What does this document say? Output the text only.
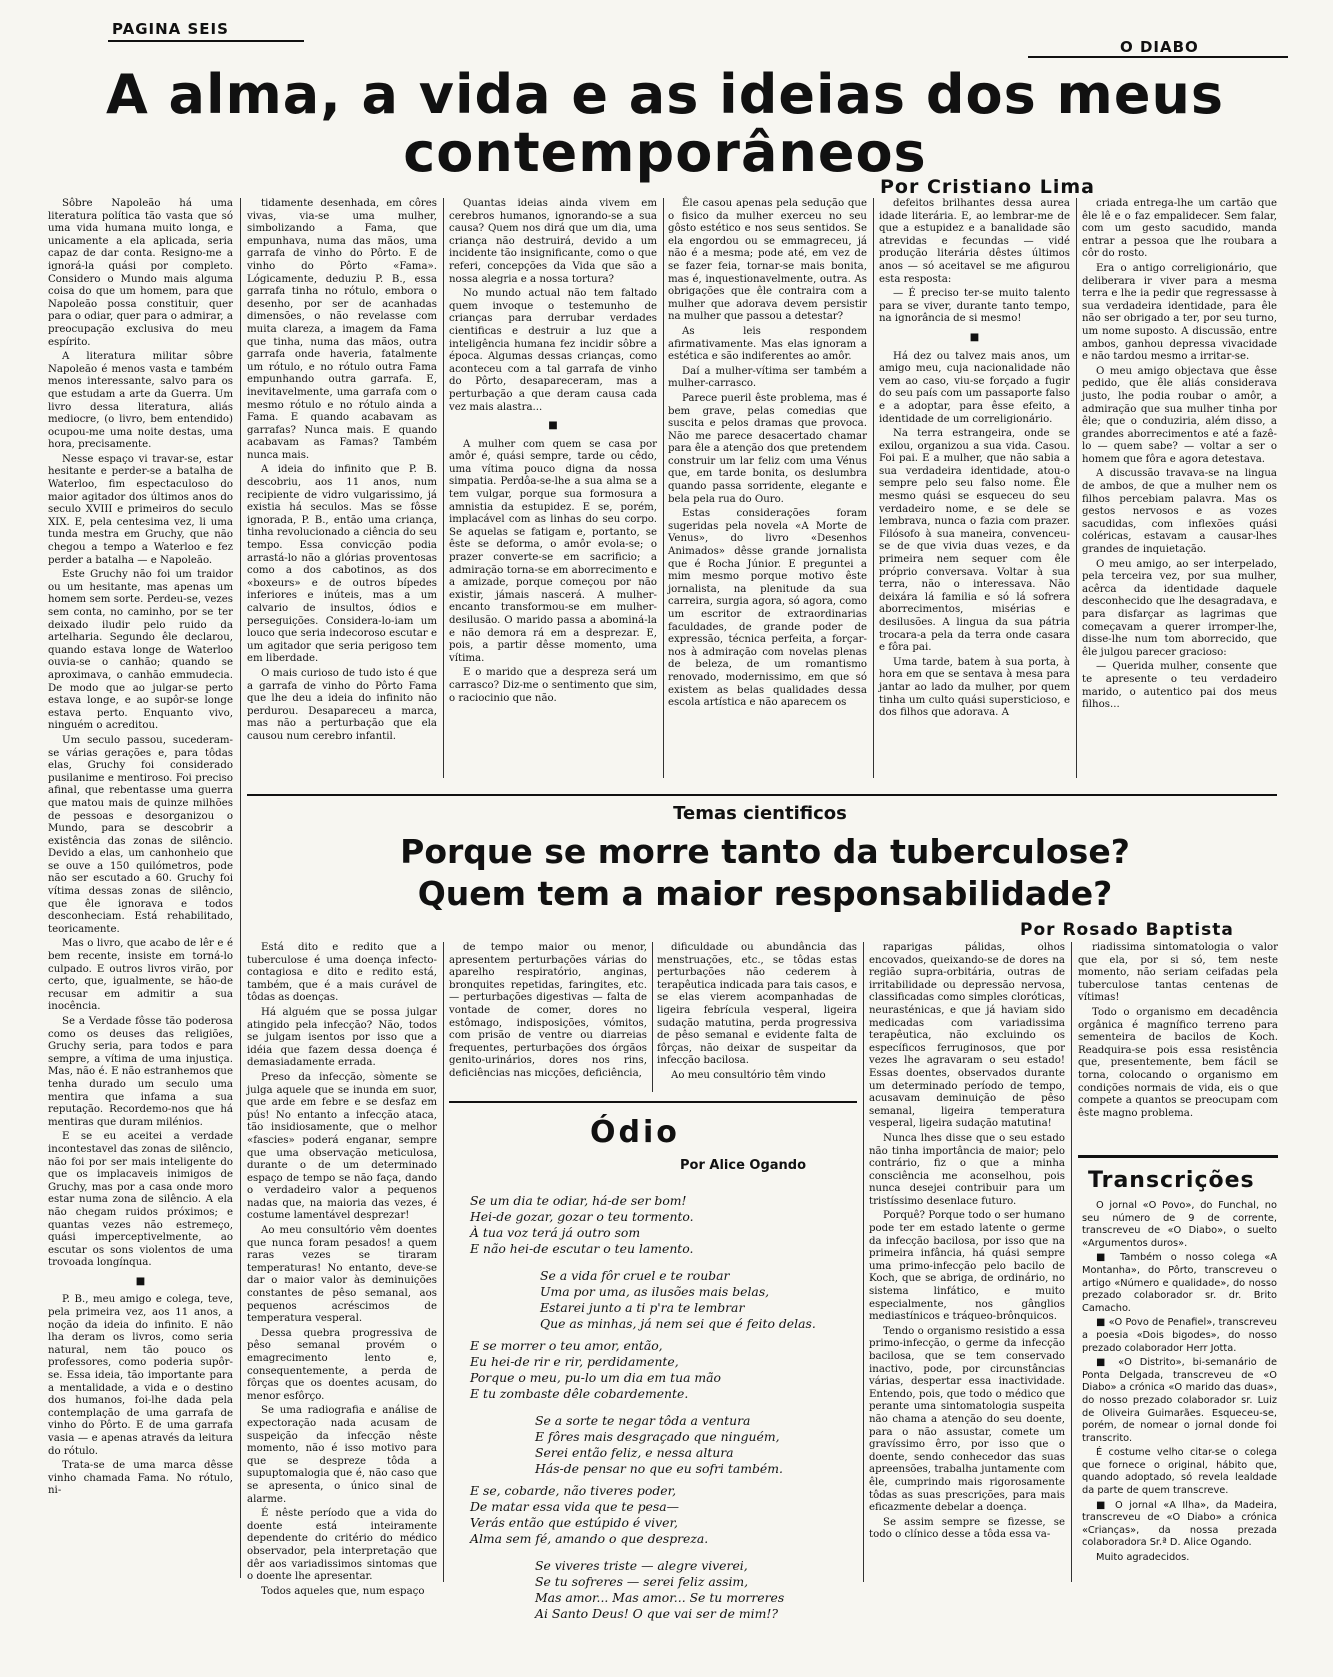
PAGINA SEIS
O DIABO
A alma, a vida e as ideias dos meus
contemporâneos
Por Cristiano Lima

Sôbre Napoleão há uma literatura política tão vasta que só uma vida humana muito longa, e unicamente a ela aplicada, seria capaz de dar conta. Resigno-me a ignorá-la quási por completo. Considero o Mundo mais alguma coisa do que um homem, para que Napoleão possa constituir, quer para o odiar, quer para o admirar, a preocupação exclusiva do meu espírito.

A literatura militar sôbre Napoleão é menos vasta e também menos interessante, salvo para os que estudam a arte da Guerra. Um livro dessa literatura, aliás mediocre, (o livro, bem entendido) ocupou-me uma noite destas, uma hora, precisamente.

Nesse espaço vi travar-se, estar hesitante e perder-se a batalha de Waterloo, fim espectaculoso do maior agitador dos últimos anos do seculo XVIII e primeiros do seculo XIX. E, pela centesima vez, li uma tunda mestra em Gruchy, que não chegou a tempo a Waterloo e fez perder a batalha — e Napoleão.

Este Gruchy não foi um traidor ou um hesitante, mas apenas um homem sem sorte. Perdeu-se, vezes sem conta, no caminho, por se ter deixado iludir pelo ruido da artelharia. Segundo êle declarou, quando estava longe de Waterloo ouvia-se o canhão; quando se aproximava, o canhão emmudecia. De modo que ao julgar-se perto estava longe, e ao supôr-se longe estava perto. Enquanto vivo, ninguém o acreditou.

Um seculo passou, sucederam-se várias gerações e, para tôdas elas, Gruchy foi considerado pusilanime e mentiroso. Foi preciso afinal, que rebentasse uma guerra que matou mais de quinze milhões de pessoas e desorganizou o Mundo, para se descobrir a existência das zonas de silêncio. Devido a elas, um canhonheio que se ouve a 150 quilómetros, pode não ser escutado a 60. Gruchy foi vítima dessas zonas de silêncio, que êle ignorava e todos desconheciam. Está rehabilitado, teoricamente.

Mas o livro, que acabo de lêr e é bem recente, insiste em torná-lo culpado. E outros livros virão, por certo, que, igualmente, se hão-de recusar em admitir a sua inocência.

Se a Verdade fôsse tão poderosa como os deuses das religiões, Gruchy seria, para todos e para sempre, a vítima de uma injustiça. Mas, não é. E não estranhemos que tenha durado um seculo uma mentira que infama a sua reputação. Recordemo-nos que há mentiras que duram milénios.

E se eu aceitei a verdade incontestavel das zonas de silêncio, não foi por ser mais inteligente do que os implacaveis inimigos de Gruchy, mas por a casa onde moro estar numa zona de silêncio. A ela não chegam ruidos próximos; e quantas vezes não estremeço, quási imperceptivelmente, ao escutar os sons violentos de uma trovoada longínqua.

■

P. B., meu amigo e colega, teve, pela primeira vez, aos 11 anos, a noção da ideia do infinito. E não lha deram os livros, como seria natural, nem tão pouco os professores, como poderia supôr-se. Essa ideia, tão importante para a mentalidade, a vida e o destino dos humanos, foi-lhe dada pela contemplação de uma garrafa de vinho do Pôrto. E de uma garrafa vasia — e apenas através da leitura do rótulo.

Trata-se de uma marca dêsse vinho chamada Fama. No rótulo, ni-

tidamente desenhada, em côres vivas, via-se uma mulher, simbolizando a Fama, que empunhava, numa das mãos, uma garrafa de vinho do Pôrto. E de vinho do Pôrto «Fama». Lógicamente, deduziu P. B., essa garrafa tinha no rótulo, embora o desenho, por ser de acanhadas dimensões, o não revelasse com muita clareza, a imagem da Fama que tinha, numa das mãos, outra garrafa onde haveria, fatalmente um rótulo, e no rótulo outra Fama empunhando outra garrafa. E, inevitavelmente, uma garrafa com o mesmo rótulo e no rótulo ainda a Fama. E quando acabavam as garrafas? Nunca mais. E quando acabavam as Famas? Também nunca mais.

A ideia do infinito que P. B. descobriu, aos 11 anos, num recipiente de vidro vulgarissimo, já existia há seculos. Mas se fôsse ignorada, P. B., então uma criança, tinha revolucionado a ciência do seu tempo. Essa convicção podia arrastá-lo não a glórias proventosas como a dos cabotinos, as dos «boxeurs» e de outros bípedes inferiores e inúteis, mas a um calvario de insultos, ódios e perseguições. Considera-lo-iam um louco que seria indecoroso escutar e um agitador que seria perigoso tem em liberdade.

O mais curioso de tudo isto é que a garrafa de vinho do Pôrto Fama que lhe deu a ideia do infinito não perdurou. Desapareceu a marca, mas não a perturbação que ela causou num cerebro infantil.

Quantas ideias ainda vivem em cerebros humanos, ignorando-se a sua causa? Quem nos dirá que um dia, uma criança não destruirá, devido a um incidente tão insignificante, como o que referi, concepções da Vida que são a nossa alegria e a nossa tortura?

No mundo actual não tem faltado quem invoque o testemunho de crianças para derrubar verdades cientificas e destruir a luz que a inteligência humana fez incidir sôbre a época. Algumas dessas crianças, como aconteceu com a tal garrafa de vinho do Pôrto, desapareceram, mas a perturbação a que deram causa cada vez mais alastra...

■

A mulher com quem se casa por amôr é, quási sempre, tarde ou cêdo, uma vítima pouco digna da nossa simpatia. Perdôa-se-lhe a sua alma se a tem vulgar, porque sua formosura a amnistia da estupidez. E se, porém, implacável com as linhas do seu corpo. Se aquelas se fatigam e, portanto, se êste se deforma, o amôr evola-se; o prazer converte-se em sacrificio; a admiração torna-se em aborrecimento e a amizade, porque começou por não existir, jámais nascerá. A mulher-encanto transformou-se em mulher-desilusão. O marido passa a abominá-la e não demora rá em a desprezar. E, pois, a partir dêsse momento, uma vítima.

E o marido que a despreza será um carrasco? Diz-me o sentimento que sim, o raciocinio que não.

Êle casou apenas pela sedução que o fisico da mulher exerceu no seu gôsto estético e nos seus sentidos. Se ela engordou ou se emmagreceu, já não é a mesma; pode até, em vez de se fazer feia, tornar-se mais bonita, mas é, inquestionavelmente, outra. As obrigações que êle contraira com a mulher que adorava devem persistir na mulher que passou a detestar?

As leis respondem afirmativamente. Mas elas ignoram a estética e são indiferentes ao amôr.

Daí a mulher-vítima ser também a mulher-carrasco.

Parece pueril êste problema, mas é bem grave, pelas comedias que suscita e pelos dramas que provoca. Não me parece desacertado chamar para êle a atenção dos que pretendem construir um lar feliz com uma Vénus que, em tarde bonita, os deslumbra quando passa sorridente, elegante e bela pela rua do Ouro.

Estas considerações foram sugeridas pela novela «A Morte de Venus», do livro «Desenhos Animados» dêsse grande jornalista que é Rocha Júnior. E preguntei a mim mesmo porque motivo êste jornalista, na plenitude da sua carreira, surgia agora, só agora, como um escritor de extraordinarias faculdades, de grande poder de expressão, técnica perfeita, a forçar-nos à admiração com novelas plenas de beleza, de um romantismo renovado, modernissimo, em que só existem as belas qualidades dessa escola artística e não aparecem os

defeitos brilhantes dessa aurea idade literária. E, ao lembrar-me de que a estupidez e a banalidade são atrevidas e fecundas — vidé produção literária dêstes últimos anos — só aceitavel se me afigurou esta resposta:

— É preciso ter-se muito talento para se viver, durante tanto tempo, na ignorância de si mesmo!

■

Há dez ou talvez mais anos, um amigo meu, cuja nacionalidade não vem ao caso, viu-se forçado a fugir do seu país com um passaporte falso e a adoptar, para êsse efeito, a identidade de um correligionário.

Na terra estrangeira, onde se exilou, organizou a sua vida. Casou. Foi pai. E a mulher, que não sabia a sua verdadeira identidade, atou-o sempre pelo seu falso nome. Êle mesmo quási se esqueceu do seu verdadeiro nome, e se dele se lembrava, nunca o fazia com prazer. Filósofo à sua maneira, convenceu-se de que vivia duas vezes, e da primeira nem sequer com êle próprio conversava. Voltar à sua terra, não o interessava. Não deixára lá familia e só lá sofrera aborrecimentos, misérias e desilusões. A lingua da sua pátria trocara-a pela da terra onde casara e fôra pai.

Uma tarde, batem à sua porta, à hora em que se sentava à mesa para jantar ao lado da mulher, por quem tinha um culto quási supersticioso, e dos filhos que adorava. A

criada entrega-lhe um cartão que êle lê e o faz empalidecer. Sem falar, com um gesto sacudido, manda entrar a pessoa que lhe roubara a côr do rosto.

Era o antigo correligionário, que deliberara ir viver para a mesma terra e lhe ia pedir que regressasse à sua verdadeira identidade, para êle não ser obrigado a ter, por seu turno, um nome suposto. A discussão, entre ambos, ganhou depressa vivacidade e não tardou mesmo a irritar-se.

O meu amigo objectava que êsse pedido, que êle aliás considerava justo, lhe podia roubar o amôr, a admiração que sua mulher tinha por êle; que o conduziria, além disso, a grandes aborrecimentos e até a fazê-lo — quem sabe? — voltar a ser o homem que fôra e agora detestava.

A discussão travava-se na lingua de ambos, de que a mulher nem os filhos percebiam palavra. Mas os gestos nervosos e as vozes sacudidas, com inflexões quási coléricas, estavam a causar-lhes grandes de inquietação.

O meu amigo, ao ser interpelado, pela terceira vez, por sua mulher, acêrca da identidade daquele desconhecido que lhe desagradava, e para disfarçar as lagrimas que começavam a querer irromper-lhe, disse-lhe num tom aborrecido, que êle julgou parecer gracioso:

— Querida mulher, consente que te apresente o teu verdadeiro marido, o autentico pai dos meus filhos...

Temas cientificos
Porque se morre tanto da tuberculose?
Quem tem a maior responsabilidade?
Por Rosado Baptista

Está dito e redito que a tuberculose é uma doença infecto-contagiosa e dito e redito está, também, que é a mais curável de tôdas as doenças.

Há alguém que se possa julgar atingido pela infecção? Não, todos se julgam isentos por isso que a idéia que fazem dessa doença é demasiadamente errada.

Preso da infecção, sòmente se julga aquele que se inunda em suor, que arde em febre e se desfaz em pús! No entanto a infecção ataca, tão insidiosamente, que o melhor «fascies» poderá enganar, sempre que uma observação meticulosa, durante o de um determinado espaço de tempo se não faça, dando o verdadeiro valor a pequenos nadas que, na maioria das vezes, é costume lamentável desprezar!

Ao meu consultório vêm doentes que nunca foram pesados! a quem raras vezes se tiraram temperaturas! No entanto, deve-se dar o maior valor às deminuições constantes de pêso semanal, aos pequenos acréscimos de temperatura vesperal.

Dessa quebra progressiva de pêso semanal provém o emagrecimento lento e, consequentemente, a perda de fôrças que os doentes acusam, do menor esfôrço.

Se uma radiografia e análise de expectoração nada acusam de suspeição da infecção nêste momento, não é isso motivo para que se despreze tôda a supuptomalogia que é, não caso que se apresenta, o único sinal de alarme.

É nêste período que a vida do doente está inteiramente dependente do critério do médico observador, pela interpretação que dêr aos variadissimos sintomas que o doente lhe apresentar.

Todos aqueles que, num espaço

de tempo maior ou menor, apresentem perturbações várias do aparelho respiratório, anginas, bronquites repetidas, faringites, etc.— perturbações digestivas — falta de vontade de comer, dores no estômago, indisposições, vómitos, com prisão de ventre ou diarreias frequentes, perturbações dos órgãos genito-urinários, dores nos rins, deficiências nas micções, deficiência,

dificuldade ou abundância das menstruações, etc., se tôdas estas perturbações não cederem à terapêutica indicada para tais casos, e se elas vierem acompanhadas de ligeira febrícula vesperal, ligeira sudação matutina, perda progressiva de pêso semanal e evidente falta de fôrças, não deixar de suspeitar da infecção bacilosa.

Ao meu consultório têm vindo

raparigas pálidas, olhos encovados, queixando-se de dores na região supra-orbitária, outras de irritabilidade ou depressão nervosa, classificadas como simples cloróticas, neurasténicas, e que já haviam sido medicadas com variadissima terapêutica, não excluindo os específicos ferruginosos, que por vezes lhe agravaram o seu estado! Essas doentes, observados durante um determinado período de tempo, acusavam deminuição de pêso semanal, ligeira temperatura vesperal, ligeira sudação matutina!

Nunca lhes disse que o seu estado não tinha importância de maior; pelo contrário, fiz o que a minha consciência me aconselhou, pois nunca desejei contribuir para um tristíssimo desenlace futuro.

Porquê? Porque todo o ser humano pode ter em estado latente o germe da infecção bacilosa, por isso que na primeira infância, há quási sempre uma primo-infecção pelo bacilo de Koch, que se abriga, de ordinário, no sistema linfático, e muito especialmente, nos gânglios mediastínicos e tráqueo-brônquicos.

Tendo o organismo resistido a essa primo-infecção, o germe da infecção bacilosa, que se tem conservado inactivo, pode, por circunstâncias várias, despertar essa inactividade. Entendo, pois, que todo o médico que perante uma sintomatologia suspeita não chama a atenção do seu doente, para o não assustar, comete um gravíssimo êrro, por isso que o doente, sendo conhecedor das suas apreensões, trabalha juntamente com êle, cumprindo mais rigorosamente tôdas as suas prescrições, para mais eficazmente debelar a doença.

Se assim sempre se fizesse, se todo o clínico desse a tôda essa va-

riadissima sintomatologia o valor que ela, por si só, tem neste momento, não seriam ceifadas pela tuberculose tantas centenas de vítimas!

Todo o organismo em decadência orgânica é magnífico terreno para sementeira de bacilos de Koch. Readquira-se pois essa resistência que, presentemente, bem fácil se torna, colocando o organismo em condições normais de vida, eis o que compete a quantos se preocupam com êste magno problema.

Ódio
Por Alice Ogando
Se um dia te odiar, há-de ser bom!
Hei-de gozar, gozar o teu tormento.
À tua voz terá já outro som
E não hei-de escutar o teu lamento.
Se a vida fôr cruel e te roubar
Uma por uma, as ilusões mais belas,
Estarei junto a ti p'ra te lembrar
Que as minhas, já nem sei que é feito delas.
E se morrer o teu amor, então,
Eu hei-de rir e rir, perdidamente,
Porque o meu, pu-lo um dia em tua mão
E tu zombaste dêle cobardemente.
Se a sorte te negar tôda a ventura
E fôres mais desgraçado que ninguém,
Serei então feliz, e nessa altura
Hás-de pensar no que eu sofri também.
E se, cobarde, não tiveres poder,
De matar essa vida que te pesa—
Verás então que estúpido é viver,
Alma sem fé, amando o que despreza.
Se viveres triste — alegre viverei,
Se tu sofreres — serei feliz assim,
Mas amor... Mas amor... Se tu morreres
Ai Santo Deus! O que vai ser de mim!?
Transcrições

O jornal «O Povo», do Funchal, no seu número de 9 de corrente, transcreveu de «O Diabo», o suelto «Argumentos duros».

■ Também o nosso colega «A Montanha», do Pôrto, transcreveu o artigo «Número e qualidade», do nosso prezado colaborador sr. dr. Brito Camacho.

■ «O Povo de Penafiel», transcreveu a poesia «Dois bigodes», do nosso prezado colaborador Herr Jotta.

■ «O Distrito», bi-semanário de Ponta Delgada, transcreveu de «O Diabo» a crónica «O marido das duas», do nosso prezado colaborador sr. Luiz de Oliveira Guimarães. Esqueceu-se, porém, de nomear o jornal donde foi transcrito.

É costume velho citar-se o colega que fornece o original, hábito que, quando adoptado, só revela lealdade da parte de quem transcreve.

■ O jornal «A Ilha», da Madeira, transcreveu de «O Diabo» a crónica «Crianças», da nossa prezada colaboradora Sr.ª D. Alice Ogando.

Muito agradecidos.
